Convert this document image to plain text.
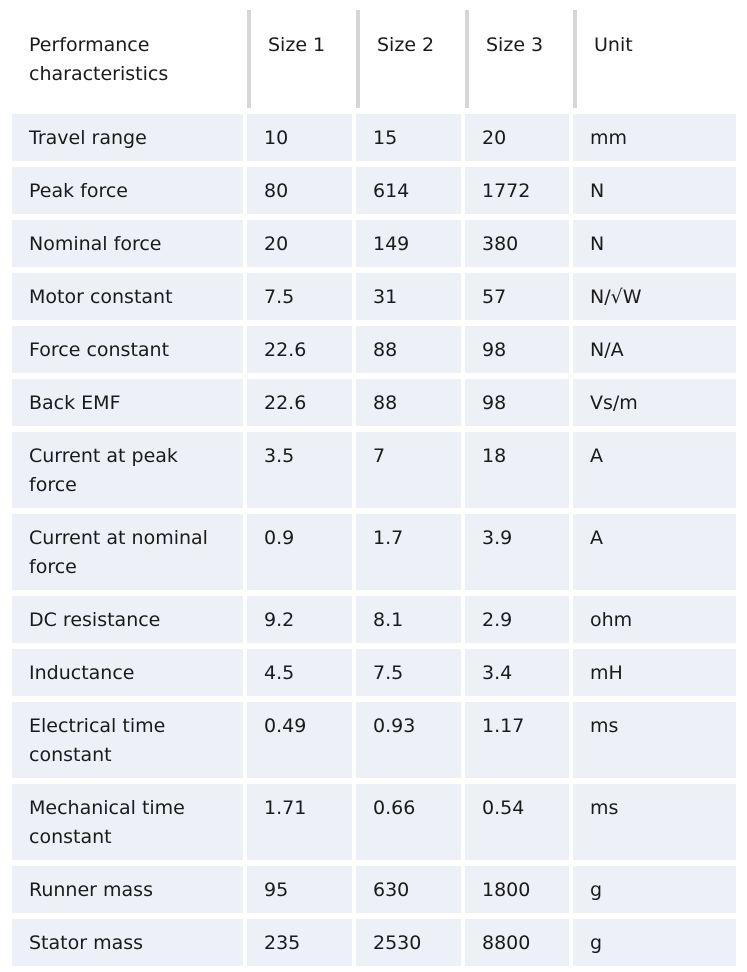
Performance characteristics	Size 1	Size 2	Size 3	Unit
Travel range	10	15	20	mm
Peak force	80	614	1772	N
Nominal force	20	149	380	N
Motor constant	7.5	31	57	N/√W
Force constant	22.6	88	98	N/A
Back EMF	22.6	88	98	Vs/m
Current at peak force	3.5	7	18	A
Current at nominal force	0.9	1.7	3.9	A
DC resistance	9.2	8.1	2.9	ohm
Inductance	4.5	7.5	3.4	mH
Electrical time constant	0.49	0.93	1.17	ms
Mechanical time constant	1.71	0.66	0.54	ms
Runner mass	95	630	1800	g
Stator mass	235	2530	8800	g
